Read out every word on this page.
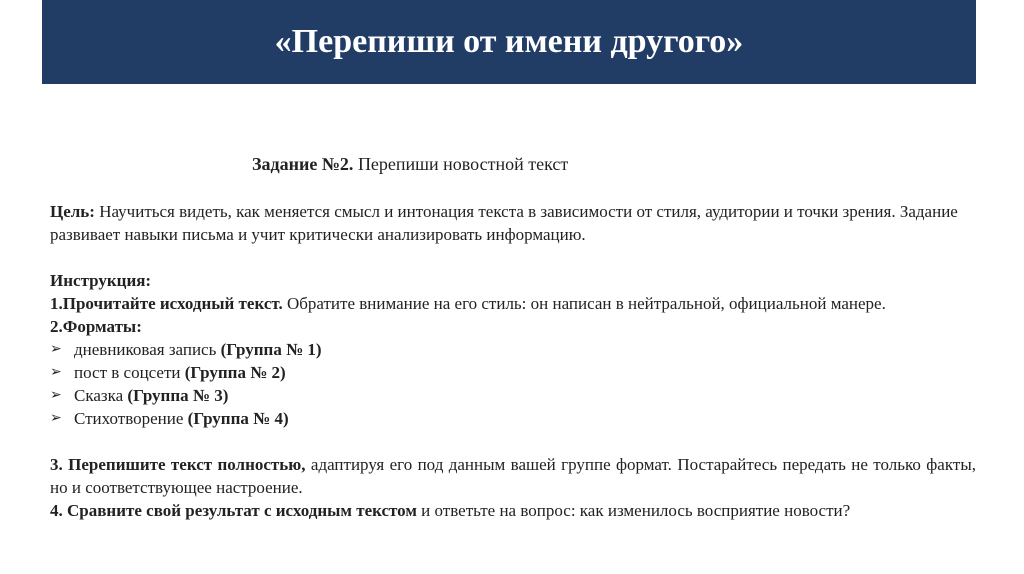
«Перепиши от имени другого»
Задание №2. Перепиши новостной текст

Цель: Научиться видеть, как меняется смысл и интонация текста в зависимости от стиля, аудитории и точки зрения. Задание развивает навыки письма и учит критически анализировать информацию.

Инструкция:

1.Прочитайте исходный текст. Обратите внимание на его стиль: он написан в нейтральной, официальной манере.

2.Форматы:

➢ дневниковая запись
(Группа № 1)
➢ пост в соцсети
(Группа № 2)
➢ Сказка
(Группа № 3)
➢ Стихотворение
(Группа № 4)

3. Перепишите текст полностью, адаптируя его под данным вашей группе формат. Постарайтесь передать не только факты, но и соответствующее настроение.

4. Сравните свой результат с исходным текстом и ответьте на вопрос: как изменилось восприятие новости?
